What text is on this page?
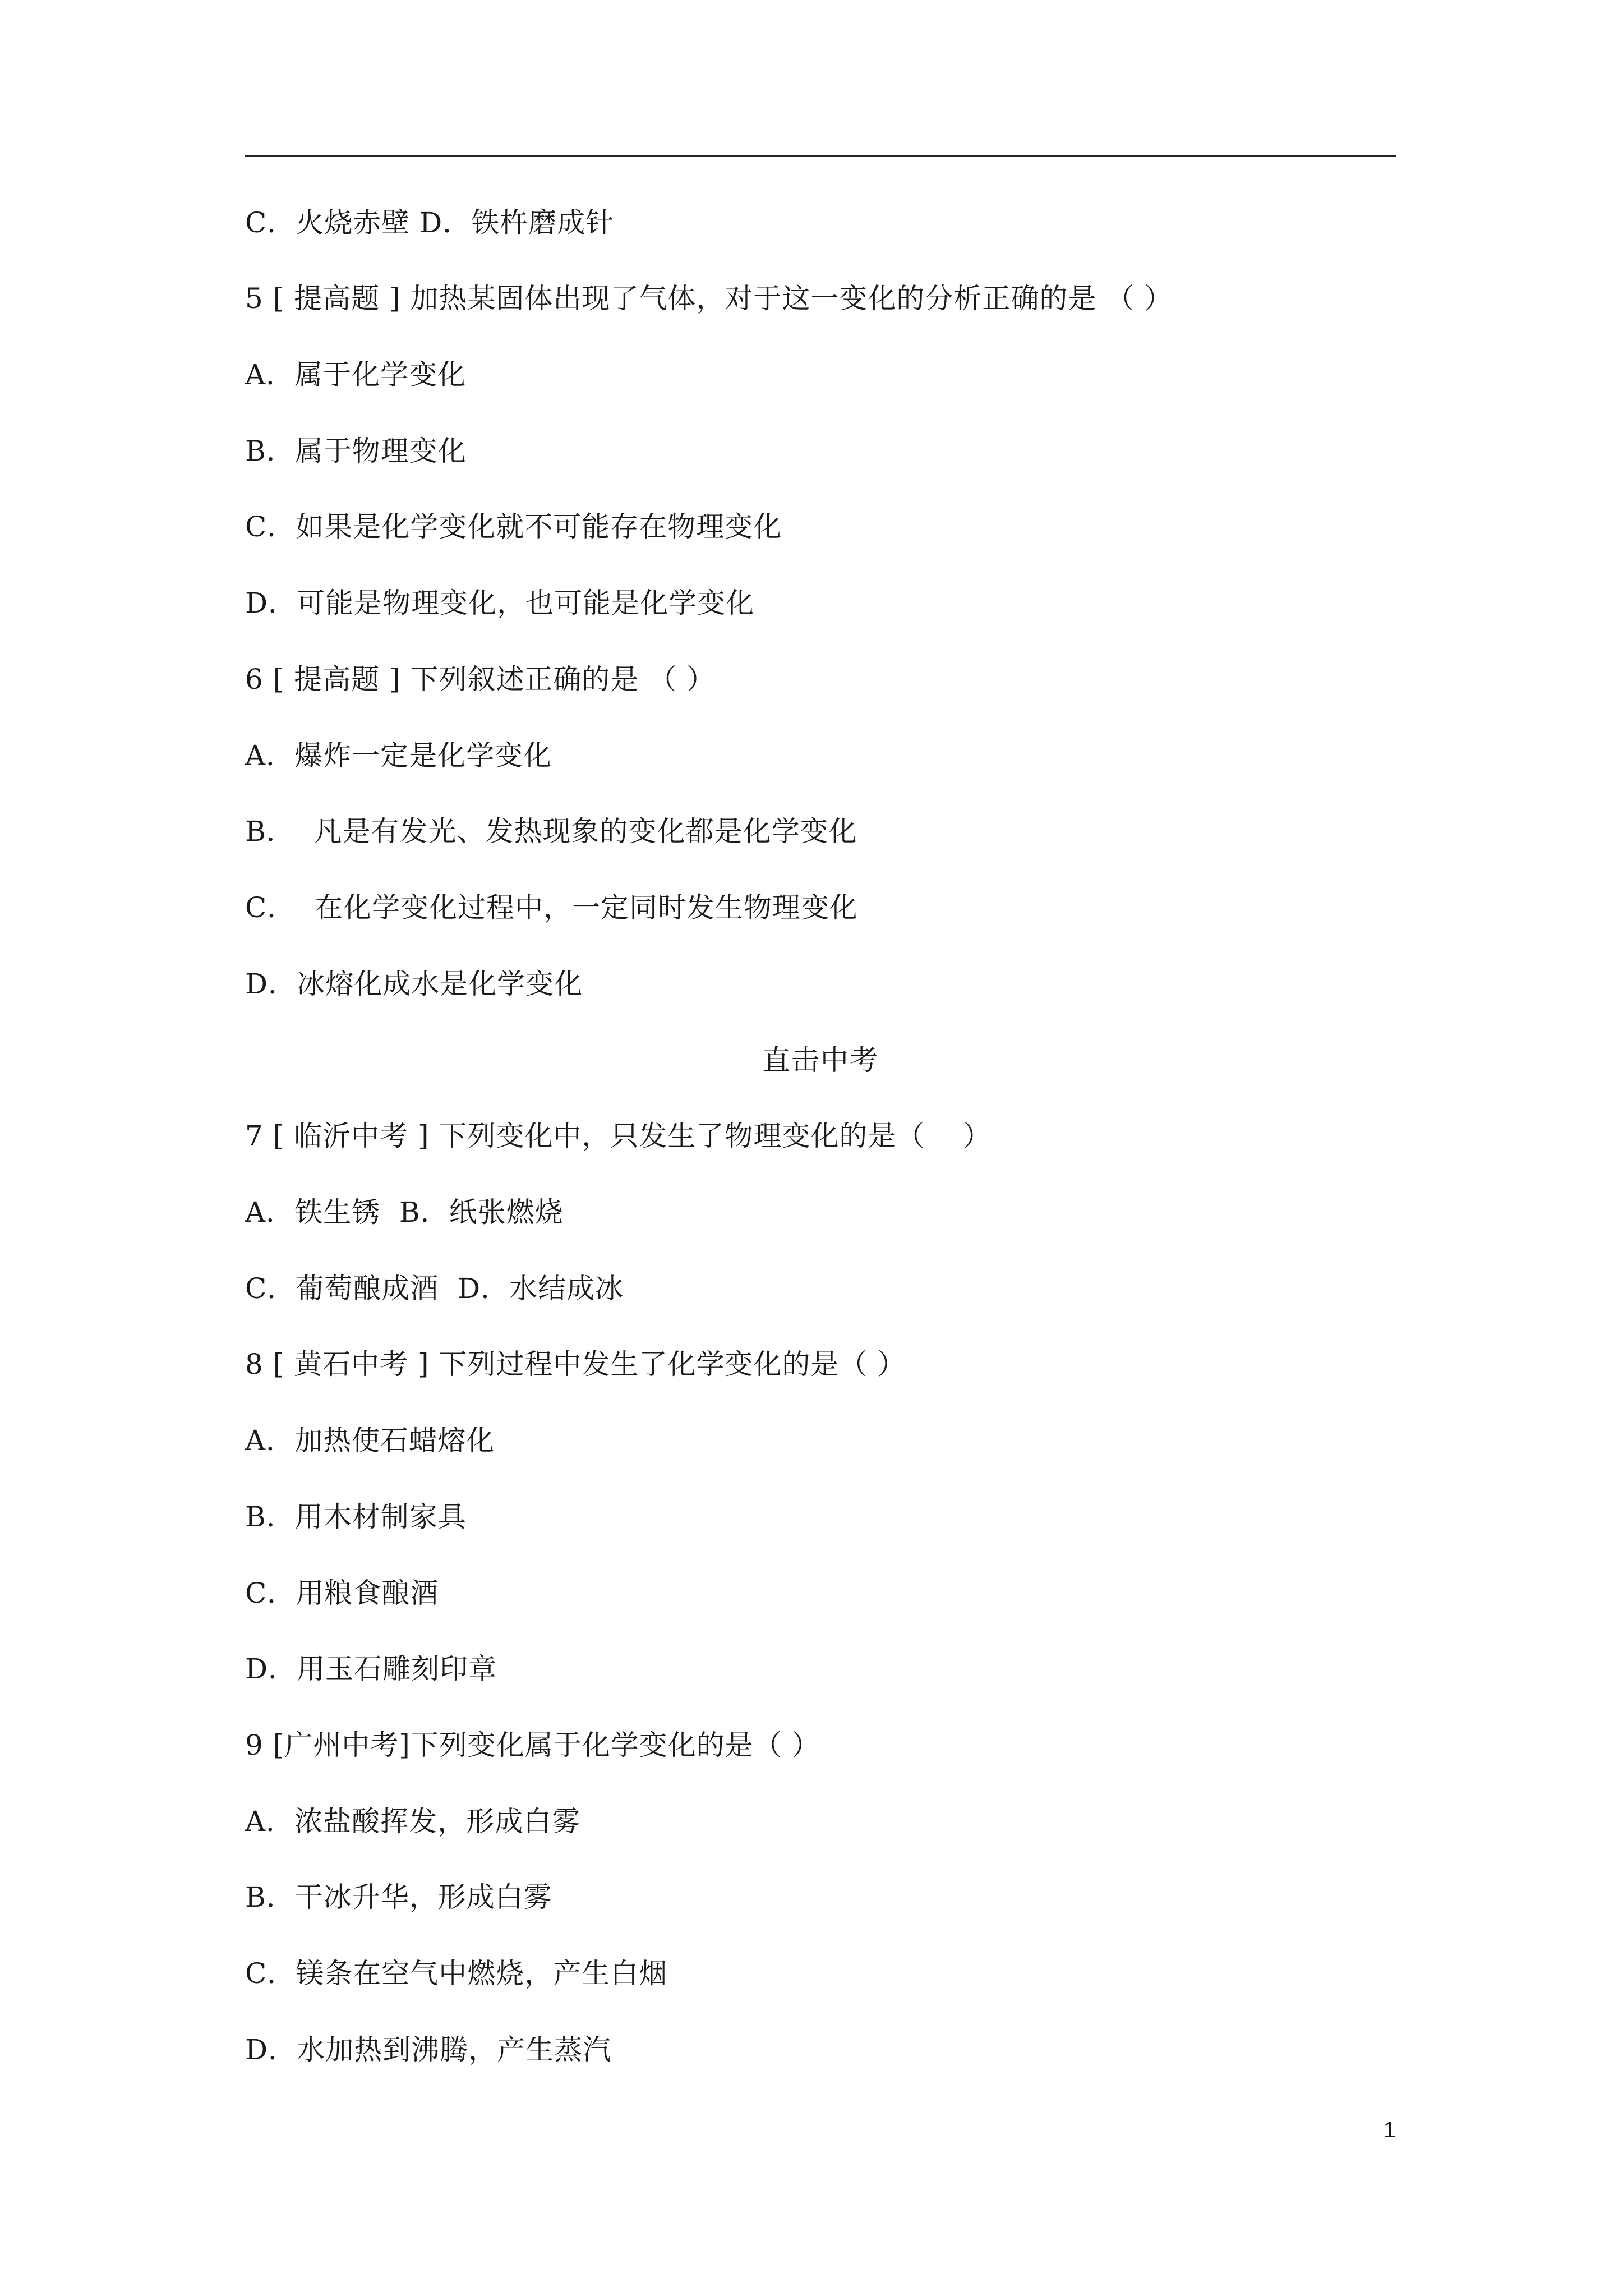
C．火烧赤壁 D．铁杵磨成针
5 [ 提高题 ] 加热某固体出现了气体，对于这一变化的分析正确的是 （ ）
A．属于化学变化
B．属于物理变化
C．如果是化学变化就不可能存在物理变化
D．可能是物理变化，也可能是化学变化
6 [ 提高题 ] 下列叙述正确的是 （ ）
A．爆炸一定是化学变化
B．  凡是有发光、发热现象的变化都是化学变化
C．  在化学变化过程中，一定同时发生物理变化
D．冰熔化成水是化学变化
直击中考
7 [ 临沂中考 ] 下列变化中，只发生了物理变化的是（    ）
A．铁生锈  B．纸张燃烧
C．葡萄酿成酒  D．水结成冰
8 [ 黄石中考 ] 下列过程中发生了化学变化的是（ ）
A．加热使石蜡熔化
B．用木材制家具
C．用粮食酿酒
D．用玉石雕刻印章
9 [广州中考]下列变化属于化学变化的是（ ）
A．浓盐酸挥发，形成白雾
B．干冰升华，形成白雾
C．镁条在空气中燃烧，产生白烟
D．水加热到沸腾，产生蒸汽
1
